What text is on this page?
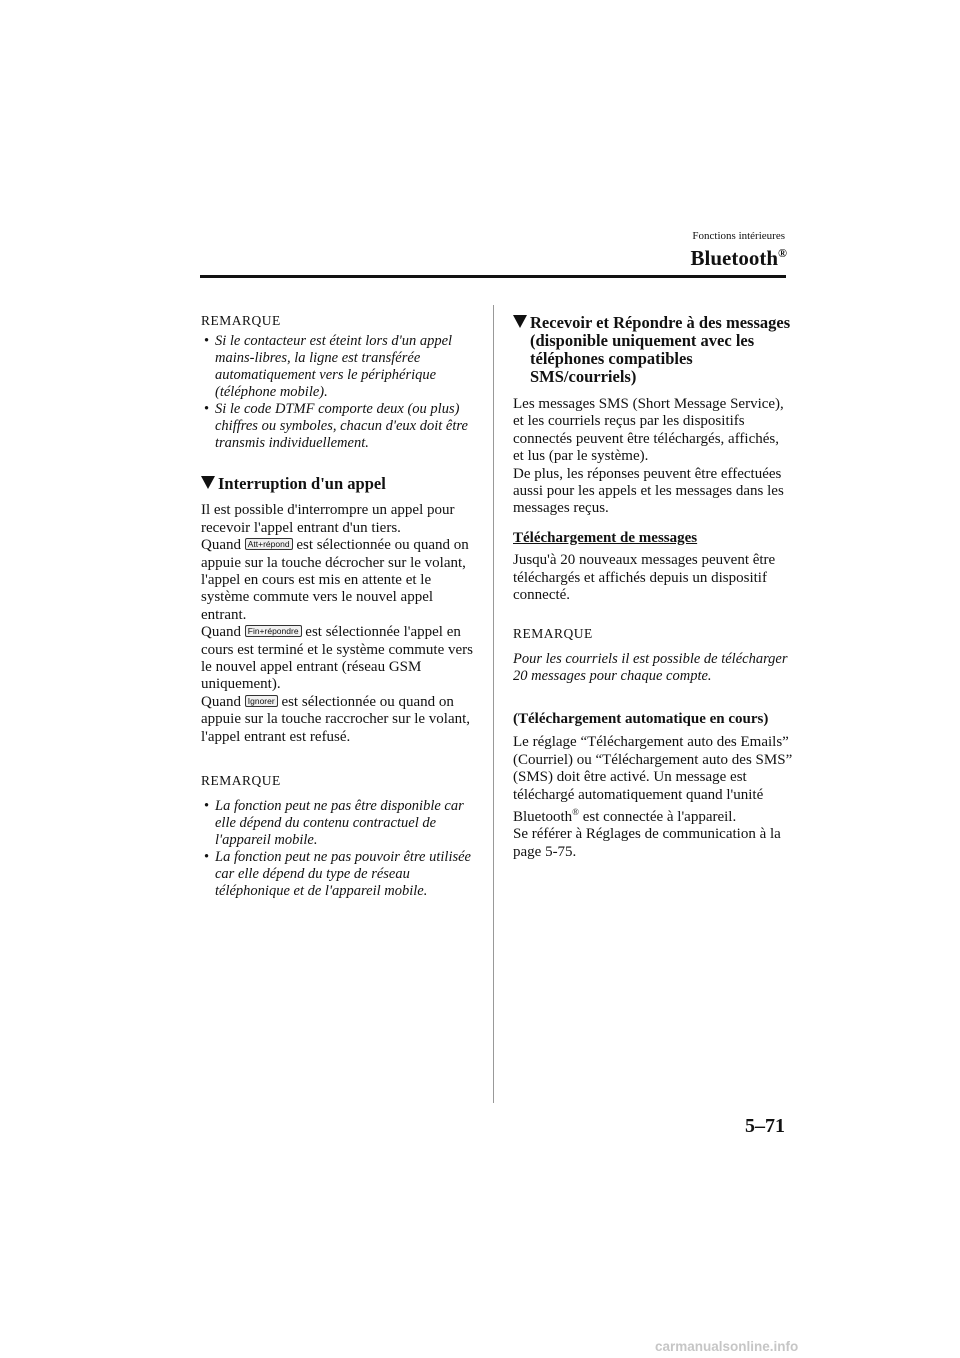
Fonctions intérieures
Bluetooth®

REMARQUE

• Si le contacteur est éteint lors d'un appel mains-libres, la ligne est transférée automatiquement vers le périphérique (téléphone mobile).
• Si le code DTMF comporte deux (ou plus) chiffres ou symboles, chacun d'eux doit être transmis individuellement.

Interruption d'un appel

Il est possible d'interrompre un appel pour recevoir l'appel entrant d'un tiers.

Quand Att+répond est sélectionnée ou quand on appuie sur la touche décrocher sur le volant, l'appel en cours est mis en attente et le système commute vers le nouvel appel entrant.

Quand Fin+répondre est sélectionnée l'appel en cours est terminé et le système commute vers le nouvel appel entrant (réseau GSM uniquement).

Quand Ignorer est sélectionnée ou quand on appuie sur la touche raccrocher sur le volant, l'appel entrant est refusé.

REMARQUE

• La fonction peut ne pas être disponible car elle dépend du contenu contractuel de l'appareil mobile.
• La fonction peut ne pas pouvoir être utilisée car elle dépend du type de réseau téléphonique et de l'appareil mobile.

Recevoir et Répondre à des messages (disponible uniquement avec les téléphones compatibles SMS/courriels)

Les messages SMS (Short Message Service), et les courriels reçus par les dispositifs connectés peuvent être téléchargés, affichés, et lus (par le système).

De plus, les réponses peuvent être effectuées aussi pour les appels et les messages dans les messages reçus.

Téléchargement de messages

Jusqu'à 20 nouveaux messages peuvent être téléchargés et affichés depuis un dispositif connecté.

REMARQUE

Pour les courriels il est possible de télécharger 20 messages pour chaque compte.

(Téléchargement automatique en cours)

Le réglage “Téléchargement auto des Emails” (Courriel) ou “Téléchargement auto des SMS” (SMS) doit être activé. Un message est téléchargé automatiquement quand l'unité Bluetooth® est connectée à l'appareil.

Se référer à Réglages de communication à la page 5-75.

5–71
carmanualsonline.info
